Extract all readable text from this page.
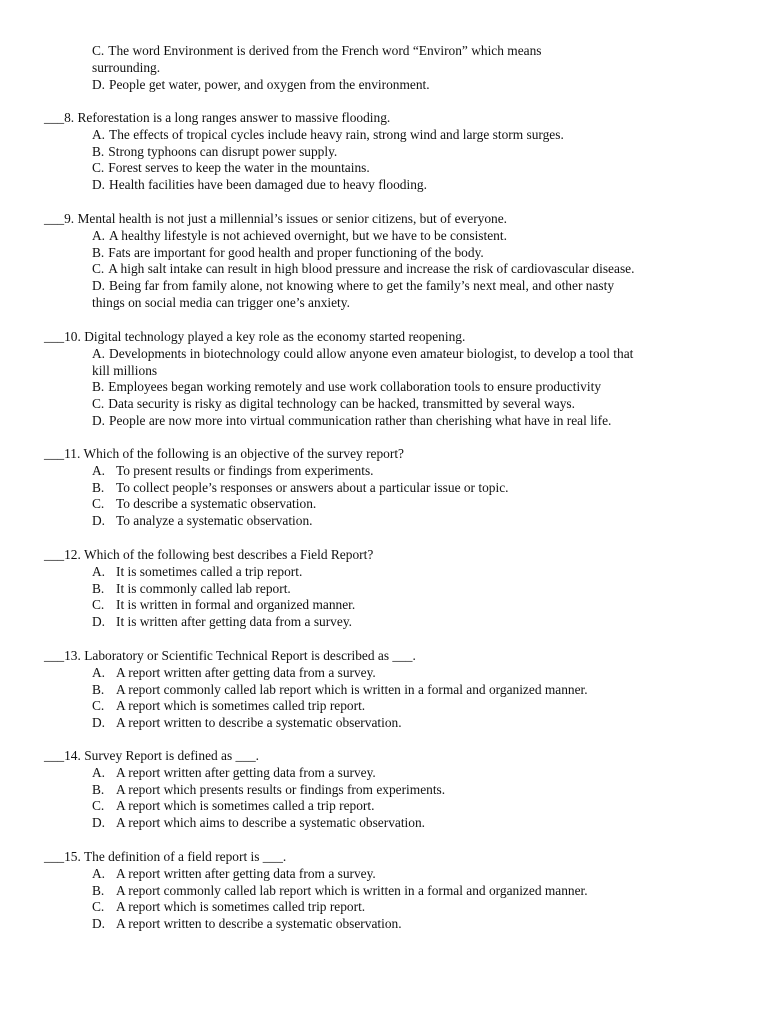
C. The word Environment is derived from the French word “Environ” which means
surrounding.
D. People get water, power, and oxygen from the environment.
___8. Reforestation is a long ranges answer to massive flooding.
A. The effects of tropical cycles include heavy rain, strong wind and large storm surges.
B. Strong typhoons can disrupt power supply.
C. Forest serves to keep the water in the mountains.
D. Health facilities have been damaged due to heavy flooding.
___9. Mental health is not just a millennial’s issues or senior citizens, but of everyone.
A. A healthy lifestyle is not achieved overnight, but we have to be consistent.
B. Fats are important for good health and proper functioning of the body.
C. A high salt intake can result in high blood pressure and increase the risk of cardiovascular disease.
D. Being far from family alone, not knowing where to get the family’s next meal, and other nasty
things on social media can trigger one’s anxiety.
___10. Digital technology played a key role as the economy started reopening.
A. Developments in biotechnology could allow anyone even amateur biologist, to develop a tool that
kill millions
B. Employees began working remotely and use work collaboration tools to ensure productivity
C. Data security is risky as digital technology can be hacked, transmitted by several ways.
D. People are now more into virtual communication rather than cherishing what have in real life.
___11. Which of the following is an objective of the survey report?
A. To present results or findings from experiments.
B. To collect people’s responses or answers about a particular issue or topic.
C. To describe a systematic observation.
D. To analyze a systematic observation.
___12. Which of the following best describes a Field Report?
A. It is sometimes called a trip report.
B. It is commonly called lab report.
C. It is written in formal and organized manner.
D. It is written after getting data from a survey.
___13. Laboratory or Scientific Technical Report is described as ___.
A. A report written after getting data from a survey.
B. A report commonly called lab report which is written in a formal and organized manner.
C. A report which is sometimes called trip report.
D. A report written to describe a systematic observation.
___14. Survey Report is defined as ___.
A. A report written after getting data from a survey.
B. A report which presents results or findings from experiments.
C. A report which is sometimes called a trip report.
D. A report which aims to describe a systematic observation.
___15. The definition of a field report is ___.
A. A report written after getting data from a survey.
B. A report commonly called lab report which is written in a formal and organized manner.
C. A report which is sometimes called trip report.
D. A report written to describe a systematic observation.
